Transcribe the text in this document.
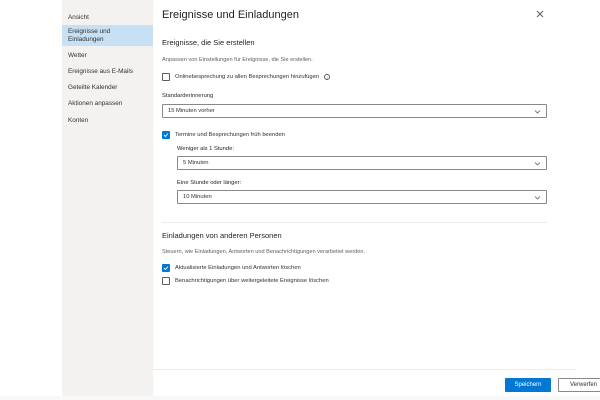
Ansicht
Ereignisse und
Einladungen
Wetter
Ereignisse aus E-Mails
Geteilte Kalender
Aktionen anpassen
Konten
Ereignisse und Einladungen
Ereignisse, die Sie erstellen
Anpassen von Einstellungen für Ereignisse, die Sie erstellen.
Onlinebesprechung zu allen Besprechungen hinzufügen	i
Standarderinnerung
15 Minuten vorher
Termine und Besprechungen früh beenden
Weniger als 1 Stunde:
5 Minuten
Eine Stunde oder länger:
10 Minuten
Einladungen von anderen Personen
Steuern, wie Einladungen, Antworten und Benachrichtigungen verarbeitet werden.
Aktualisierte Einladungen und Antworten löschen
Benachrichtigungen über weitergeleitete Ereignisse löschen
Speichern	Verwerfen
